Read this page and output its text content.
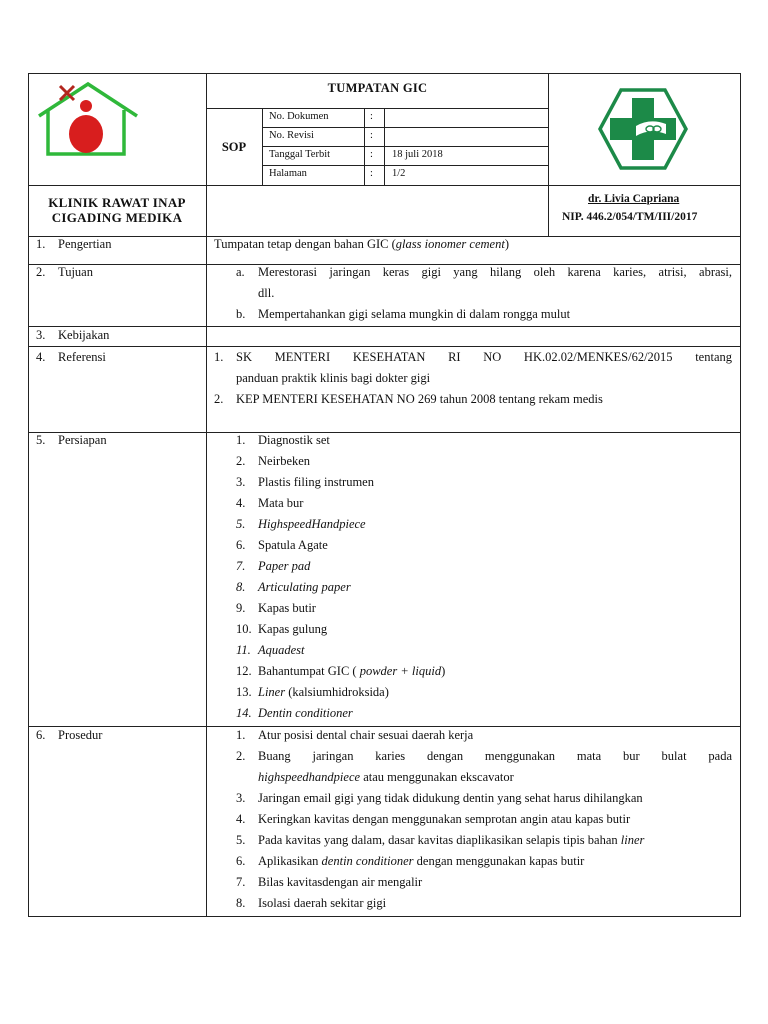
TUMPATAN GIC
SOP
No. Dokumen	:
No. Revisi	:
Tanggal Terbit	: 18 juli 2018
Halaman	: 1/2
KLINIK RAWAT INAP
CIGADING MEDIKA
dr. Livia Capriana
NIP. 446.2/054/TM/III/2017
1. Pengertian	Tumpatan tetap dengan bahan GIC (glass ionomer cement)
2. Tujuan	a. Merestorasi jaringan keras gigi yang hilang oleh karena karies, atrisi, abrasi,
dll.
b. Mempertahankan gigi selama mungkin di dalam rongga mulut
3. Kebijakan
4. Referensi	1. SK MENTERI KESEHATAN RI NO HK.02.02/MENKES/62/2015 tentang
panduan praktik klinis bagi dokter gigi
2. KEP MENTERI KESEHATAN NO 269 tahun 2008 tentang rekam medis
5. Persiapan	1. Diagnostik set
2. Neirbeken
3. Plastis filing instrumen
4. Mata bur
5. HighspeedHandpiece
6. Spatula Agate
7. Paper pad
8. Articulating paper
9. Kapas butir
10. Kapas gulung
11. Aquadest
12. Bahantumpat GIC ( powder + liquid)
13. Liner (kalsiumhidroksida)
14. Dentin conditioner
6. Prosedur	1. Atur posisi dental chair sesuai daerah kerja
2. Buang jaringan karies dengan menggunakan mata bur bulat pada
highspeedhandpiece atau menggunakan ekscavator
3. Jaringan email gigi yang tidak didukung dentin yang sehat harus dihilangkan
4. Keringkan kavitas dengan menggunakan semprotan angin atau kapas butir
5. Pada kavitas yang dalam, dasar kavitas diaplikasikan selapis tipis bahan liner
6. Aplikasikan dentin conditioner dengan menggunakan kapas butir
7. Bilas kavitasdengan air mengalir
8. Isolasi daerah sekitar gigi
